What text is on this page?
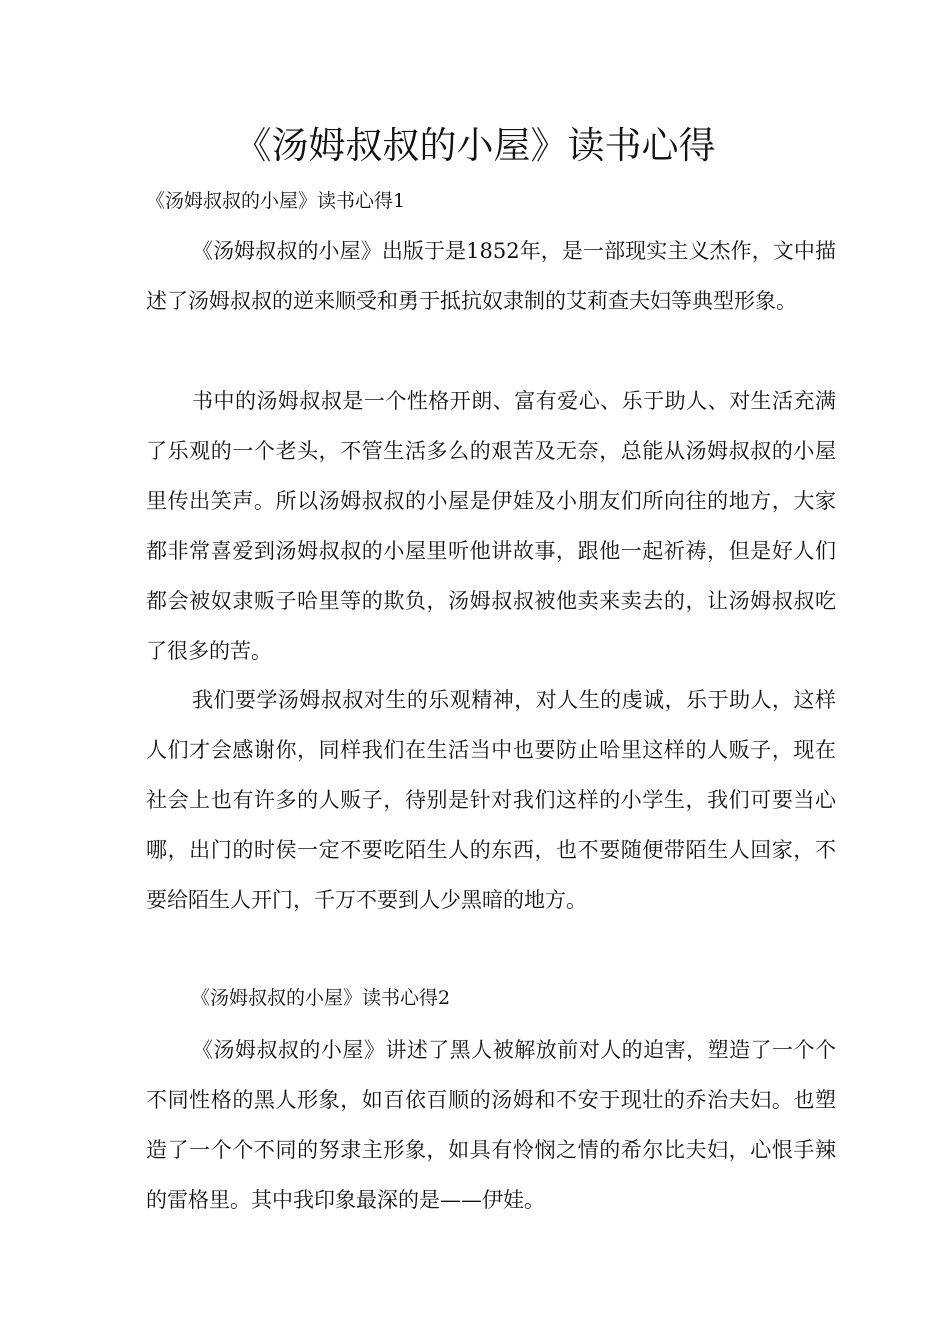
《汤姆叔叔的小屋》读书心得

《汤姆叔叔的小屋》读书心得1

《汤姆叔叔的小屋》出版于是1852年，是一部现实主义杰作，文中描述了汤姆叔叔的逆来顺受和勇于抵抗奴隶制的艾莉查夫妇等典型形象。

书中的汤姆叔叔是一个性格开朗、富有爱心、乐于助人、对生活充满了乐观的一个老头，不管生活多么的艰苦及无奈，总能从汤姆叔叔的小屋里传出笑声。所以汤姆叔叔的小屋是伊娃及小朋友们所向往的地方，大家都非常喜爱到汤姆叔叔的小屋里听他讲故事，跟他一起祈祷，但是好人们都会被奴隶贩子哈里等的欺负，汤姆叔叔被他卖来卖去的，让汤姆叔叔吃了很多的苦。

我们要学汤姆叔叔对生的乐观精神，对人生的虔诚，乐于助人，这样人们才会感谢你，同样我们在生活当中也要防止哈里这样的人贩子，现在社会上也有许多的人贩子，待别是针对我们这样的小学生，我们可要当心哪，出门的时侯一定不要吃陌生人的东西，也不要随便带陌生人回家，不要给陌生人开门，千万不要到人少黑暗的地方。

《汤姆叔叔的小屋》读书心得2

《汤姆叔叔的小屋》讲述了黑人被解放前对人的迫害，塑造了一个个不同性格的黑人形象，如百依百顺的汤姆和不安于现壮的乔治夫妇。也塑造了一个个不同的努隶主形象，如具有怜悯之情的希尔比夫妇，心恨手辣的雷格里。其中我印象最深的是——伊娃。
